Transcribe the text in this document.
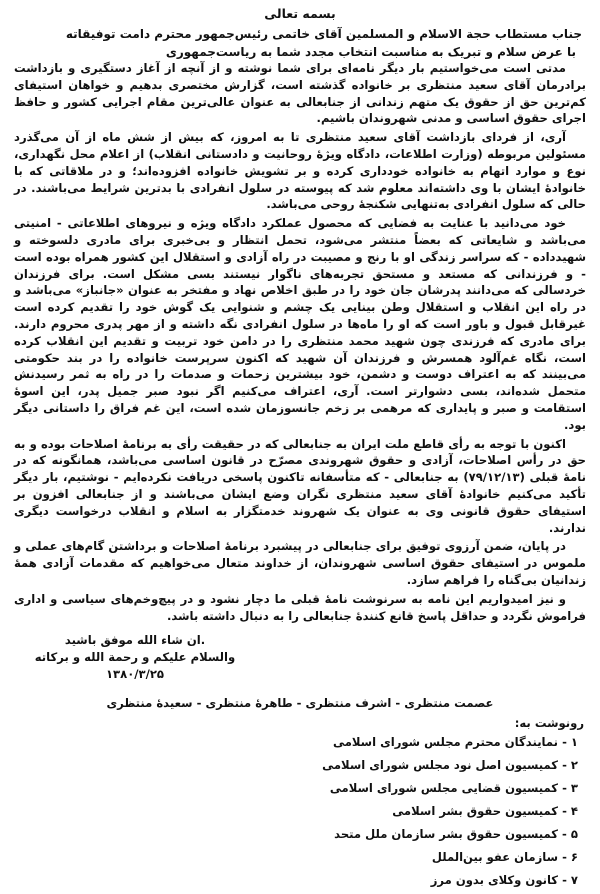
بسمه تعالی
جناب مستطاب حجة الاسلام و المسلمین آقای خاتمی رئیس‌جمهور محترم دامت توفیقاته
با عرض سلام و تبریک به مناسبت انتخاب مجدد شما به ریاست‌جمهوری

مدتی است می‌خواستیم بار دیگر نامه‌ای برای شما نوشته و از آنچه از آغاز دستگیری و بازداشت برادرمان آقای سعید منتظری بر خانواده گذشته است، گزارش مختصری بدهیم و خواهان استیفای کم‌ترین حق از حقوق یک متهم زندانی از جنابعالی به عنوان عالی‌ترین مقام اجرایی کشور و حافظ اجرای حقوق اساسی و مدنی شهروندان باشیم.

آری، از فردای بازداشت آقای سعید منتظری تا به امروز، که بیش از شش ماه از آن می‌گذرد مسئولین مربوطه (وزارت اطلاعات، دادگاه ویژهٔ روحانیت و دادستانی انقلاب) از اعلام محل نگهداری، نوع و موارد اتهام به خانواده خودداری کرده و بر تشویش خانواده افزوده‌اند؛ و در ملاقاتی که با خانوادهٔ ایشان با وی داشته‌اند معلوم شد که پیوسته در سلول انفرادی با بدترین شرایط می‌باشند. در حالی که سلول انفرادی به‌تنهایی شکنجهٔ روحی می‌باشد.

خود می‌دانید با عنایت به فضایی که محصول عملکرد دادگاه ویژه و نیروهای اطلاعاتی - امنیتی می‌باشد و شایعاتی که بعضاً منتشر می‌شود، تحمل انتظار و بی‌خبری برای مادری دلسوخته و شهیدداده - که سراسر زندگی او با رنج و مصیبت در راه آزادی و استقلال این کشور همراه بوده است - و فرزندانی که مستعد و مستحق تجربه‌های ناگوار نیستند بسی مشکل است. برای فرزندان خردسالی که می‌دانند پدرشان جان خود را در طبق اخلاص نهاد و مفتخر به عنوان «جانباز» می‌باشد و در راه این انقلاب و استقلال وطن بینایی یک چشم و شنوایی یک گوش خود را تقدیم کرده است غیرقابل قبول و باور است که او را ماه‌ها در سلول انفرادی نگه داشته و از مهر پدری محروم دارند. برای مادری که فرزندی چون شهید محمد منتظری را در دامن خود تربیت و تقدیم این انقلاب کرده است، نگاه غم‌آلود همسرش و فرزندان آن شهید که اکنون سرپرست خانواده را در بند حکومتی می‌بینند که به اعتراف دوست و دشمن، خود بیشترین زحمات و صدمات را در راه به ثمر رسیدنش متحمل شده‌اند، بسی دشوارتر است. آری، اعتراف می‌کنیم اگر نبود صبر جمیل پدر، این اسوهٔ استقامت و صبر و پایداری که مرهمی بر زخم جانسوزمان شده است، این غم فراق را داستانی دیگر بود.

اکنون با توجه به رأی قاطع ملت ایران به جنابعالی که در حقیقت رأی به برنامهٔ اصلاحات بوده و به حق در رأس اصلاحات، آزادی و حقوق شهروندی مصرّح در قانون اساسی می‌باشد، همانگونه که در نامهٔ قبلی (۷۹/۱۲/۱۳) به جنابعالی - که متأسفانه تاکنون پاسخی دریافت نکرده‌ایم - نوشتیم، بار دیگر تأکید می‌کنیم خانوادهٔ آقای سعید منتظری نگران وضع ایشان می‌باشند و از جنابعالی افزون بر استیفای حقوق قانونی وی به عنوان یک شهروند خدمتگزار به اسلام و انقلاب درخواست دیگری ندارند.

در پایان، ضمن آرزوی توفیق برای جنابعالی در پیشبرد برنامهٔ اصلاحات و برداشتن گام‌های عملی و ملموس در استیفای حقوق اساسی شهروندان، از خداوند متعال می‌خواهیم که مقدمات آزادی همهٔ زندانیان بی‌گناه را فراهم سازد.

و نیز امیدواریم این نامه به سرنوشت نامهٔ قبلی ما دچار نشود و در پیچ‌وخم‌های سیاسی و اداری فراموش نگردد و حداقل پاسخ قانع کنندهٔ جنابعالی را به دنبال داشته باشد.

ان شاء الله موفق باشید.
والسلام علیکم و رحمة الله و برکاته
۱۳۸۰/۳/۲۵
عصمت منتظری - اشرف منتظری - طاهرهٔ منتظری - سعیدهٔ منتظری
رونوشت به:
۱ - نمایندگان محترم مجلس شورای اسلامی
۲ - کمیسیون اصل نود مجلس شورای اسلامی
۳ - کمیسیون قضایی مجلس شورای اسلامی
۴ - کمیسیون حقوق بشر اسلامی
۵ - کمیسیون حقوق بشر سازمان ملل متحد
۶ - سازمان عفو بین‌الملل
۷ - کانون وکلای بدون مرز
